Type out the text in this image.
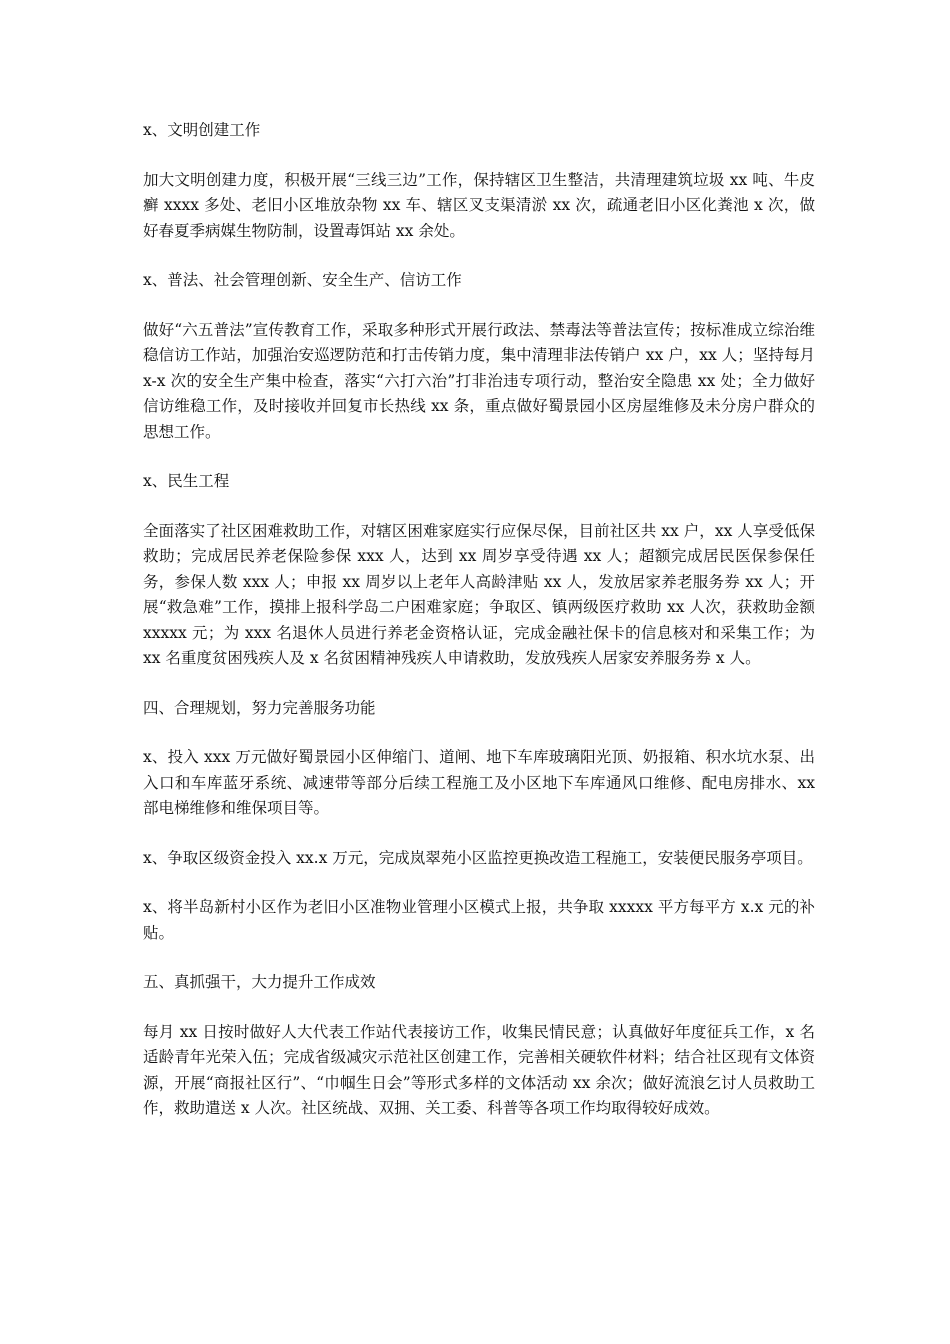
x、文明创建工作
加大文明创建力度，积极开展“三线三边”工作，保持辖区卫生整洁，共清理建筑垃圾 xx 吨、牛皮癣 xxxx 多处、老旧小区堆放杂物 xx 车、辖区叉支渠清淤 xx 次，疏通老旧小区化粪池 x 次，做好春夏季病媒生物防制，设置毒饵站 xx 余处。
x、普法、社会管理创新、安全生产、信访工作
做好“六五普法”宣传教育工作，采取多种形式开展行政法、禁毒法等普法宣传；按标准成立综治维稳信访工作站，加强治安巡逻防范和打击传销力度，集中清理非法传销户 xx 户，xx 人；坚持每月 x-x 次的安全生产集中检查，落实“六打六治”打非治违专项行动，整治安全隐患 xx 处；全力做好信访维稳工作，及时接收并回复市长热线 xx 条，重点做好蜀景园小区房屋维修及未分房户群众的思想工作。
x、民生工程
全面落实了社区困难救助工作，对辖区困难家庭实行应保尽保，目前社区共 xx 户，xx 人享受低保救助；完成居民养老保险参保 xxx 人，达到 xx 周岁享受待遇 xx 人；超额完成居民医保参保任务，参保人数 xxx 人；申报 xx 周岁以上老年人高龄津贴 xx 人，发放居家养老服务券 xx 人；开展“救急难”工作，摸排上报科学岛二户困难家庭；争取区、镇两级医疗救助 xx 人次，获救助金额 xxxxx 元；为 xxx 名退休人员进行养老金资格认证，完成金融社保卡的信息核对和采集工作；为 xx 名重度贫困残疾人及 x 名贫困精神残疾人申请救助，发放残疾人居家安养服务券 x 人。
四、合理规划，努力完善服务功能
x、投入 xxx 万元做好蜀景园小区伸缩门、道闸、地下车库玻璃阳光顶、奶报箱、积水坑水泵、出入口和车库蓝牙系统、减速带等部分后续工程施工及小区地下车库通风口维修、配电房排水、xx 部电梯维修和维保项目等。
x、争取区级资金投入 xx.x 万元，完成岚翠苑小区监控更换改造工程施工，安装便民服务亭项目。
x、将半岛新村小区作为老旧小区准物业管理小区模式上报，共争取 xxxxx 平方每平方 x.x 元的补贴。
五、真抓强干，大力提升工作成效
每月 xx 日按时做好人大代表工作站代表接访工作，收集民情民意；认真做好年度征兵工作，x 名适龄青年光荣入伍；完成省级减灾示范社区创建工作，完善相关硬软件材料；结合社区现有文体资源，开展“商报社区行”、“巾帼生日会”等形式多样的文体活动 xx 余次；做好流浪乞讨人员救助工作，救助遣送 x 人次。社区统战、双拥、关工委、科普等各项工作均取得较好成效。
